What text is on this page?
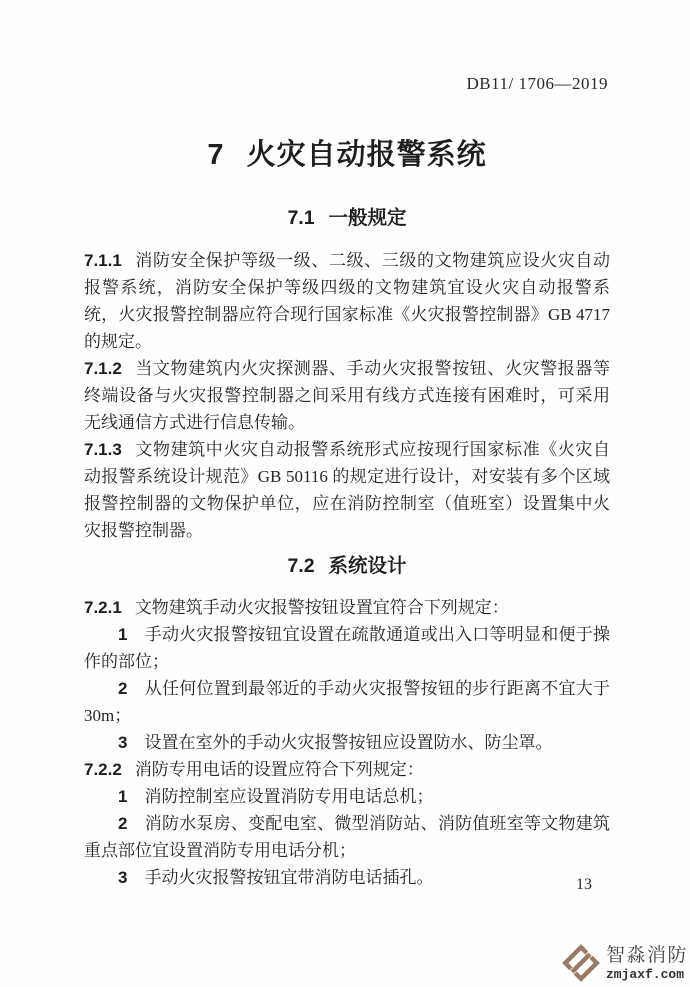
DB11/ 1706—2019
7 火灾自动报警系统
7.1 一般规定

7.1.1 消防安全保护等级一级、二级、三级的文物建筑应设火灾自动报警系统，消防安全保护等级四级的文物建筑宜设火灾自动报警系统，火灾报警控制器应符合现行国家标准《火灾报警控制器》GB 4717 的规定。

7.1.2 当文物建筑内火灾探测器、手动火灾报警按钮、火灾警报器等终端设备与火灾报警控制器之间采用有线方式连接有困难时，可采用无线通信方式进行信息传输。

7.1.3 文物建筑中火灾自动报警系统形式应按现行国家标准《火灾自动报警系统设计规范》GB 50116 的规定进行设计，对安装有多个区域报警控制器的文物保护单位，应在消防控制室（值班室）设置集中火灾报警控制器。

7.2 系统设计

7.2.1 文物建筑手动火灾报警按钮设置宜符合下列规定：

1 手动火灾报警按钮宜设置在疏散通道或出入口等明显和便于操作的部位；

2 从任何位置到最邻近的手动火灾报警按钮的步行距离不宜大于30m；

3 设置在室外的手动火灾报警按钮应设置防水、防尘罩。

7.2.2 消防专用电话的设置应符合下列规定：

1 消防控制室应设置消防专用电话总机；

2 消防水泵房、变配电室、微型消防站、消防值班室等文物建筑重点部位宜设置消防专用电话分机；

3 手动火灾报警按钮宜带消防电话插孔。	13
智淼消防
zmjaxf.com
